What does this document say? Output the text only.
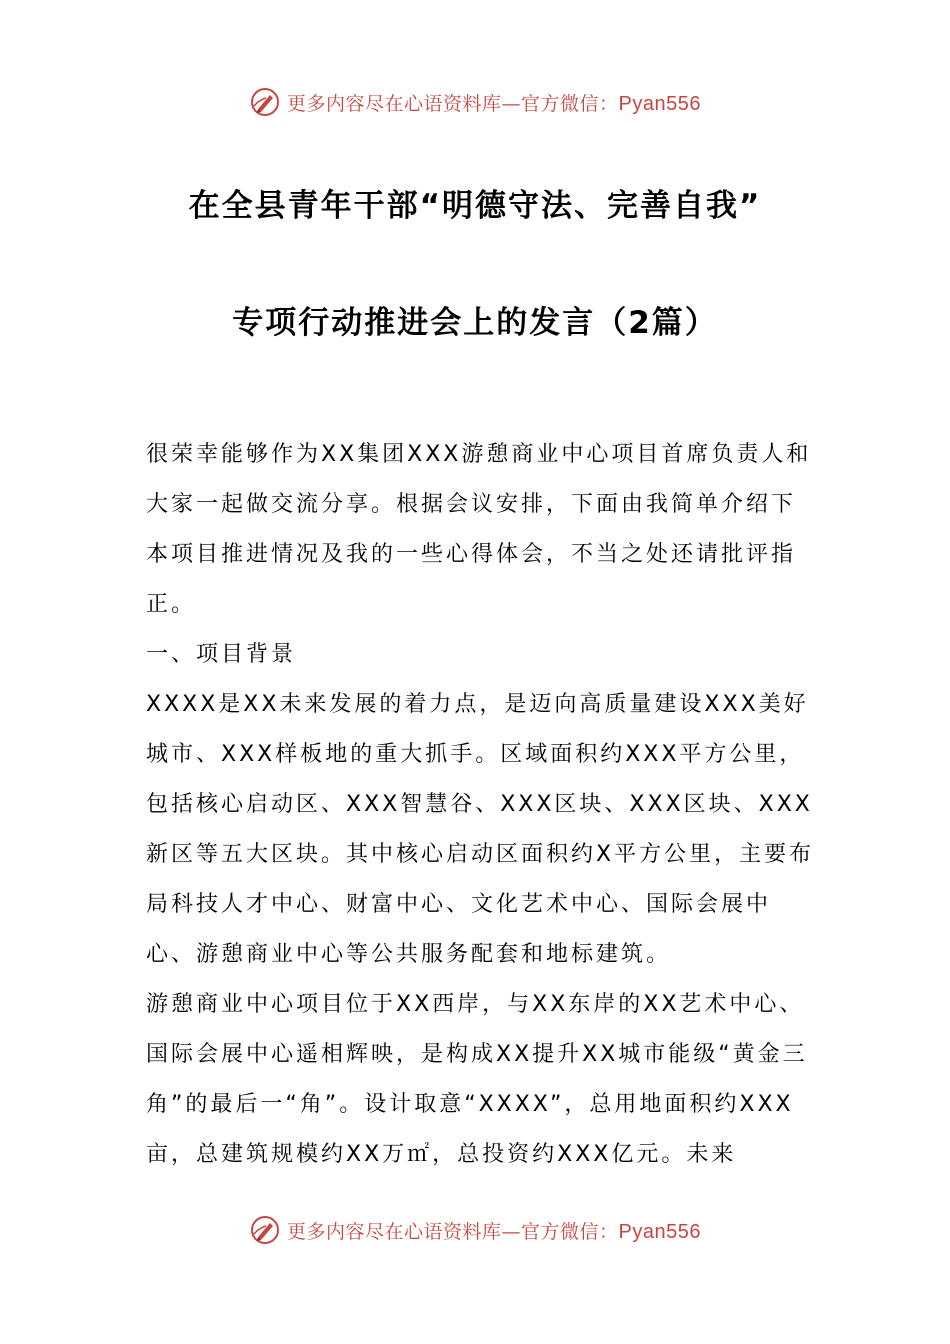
更多内容尽在心语资料库—官方微信：Pyan556
在全县青年干部“明德守法、完善自我”
专项行动推进会上的发言（2篇）

很荣幸能够作为XX集团XXX游憩商业中心项目首席负责人和大家一起做交流分享。根据会议安排，下面由我简单介绍下本项目推进情况及我的一些心得体会，不当之处还请批评指正。

一、项目背景

XXXX是XX未来发展的着力点，是迈向高质量建设XXX美好城市、XXX样板地的重大抓手。区域面积约XXX平方公里，包括核心启动区、XXX智慧谷、XXX区块、XXX区块、XXX新区等五大区块。其中核心启动区面积约X平方公里，主要布局科技人才中心、财富中心、文化艺术中心、国际会展中心、游憩商业中心等公共服务配套和地标建筑。

游憩商业中心项目位于XX西岸，与XX东岸的XX艺术中心、国际会展中心遥相辉映，是构成XX提升XX城市能级“黄金三角”的最后一“角”。设计取意“XXXX”，总用地面积约XXX亩，总建筑规模约XX万㎡，总投资约XXX亿元。未来

更多内容尽在心语资料库—官方微信：Pyan556
